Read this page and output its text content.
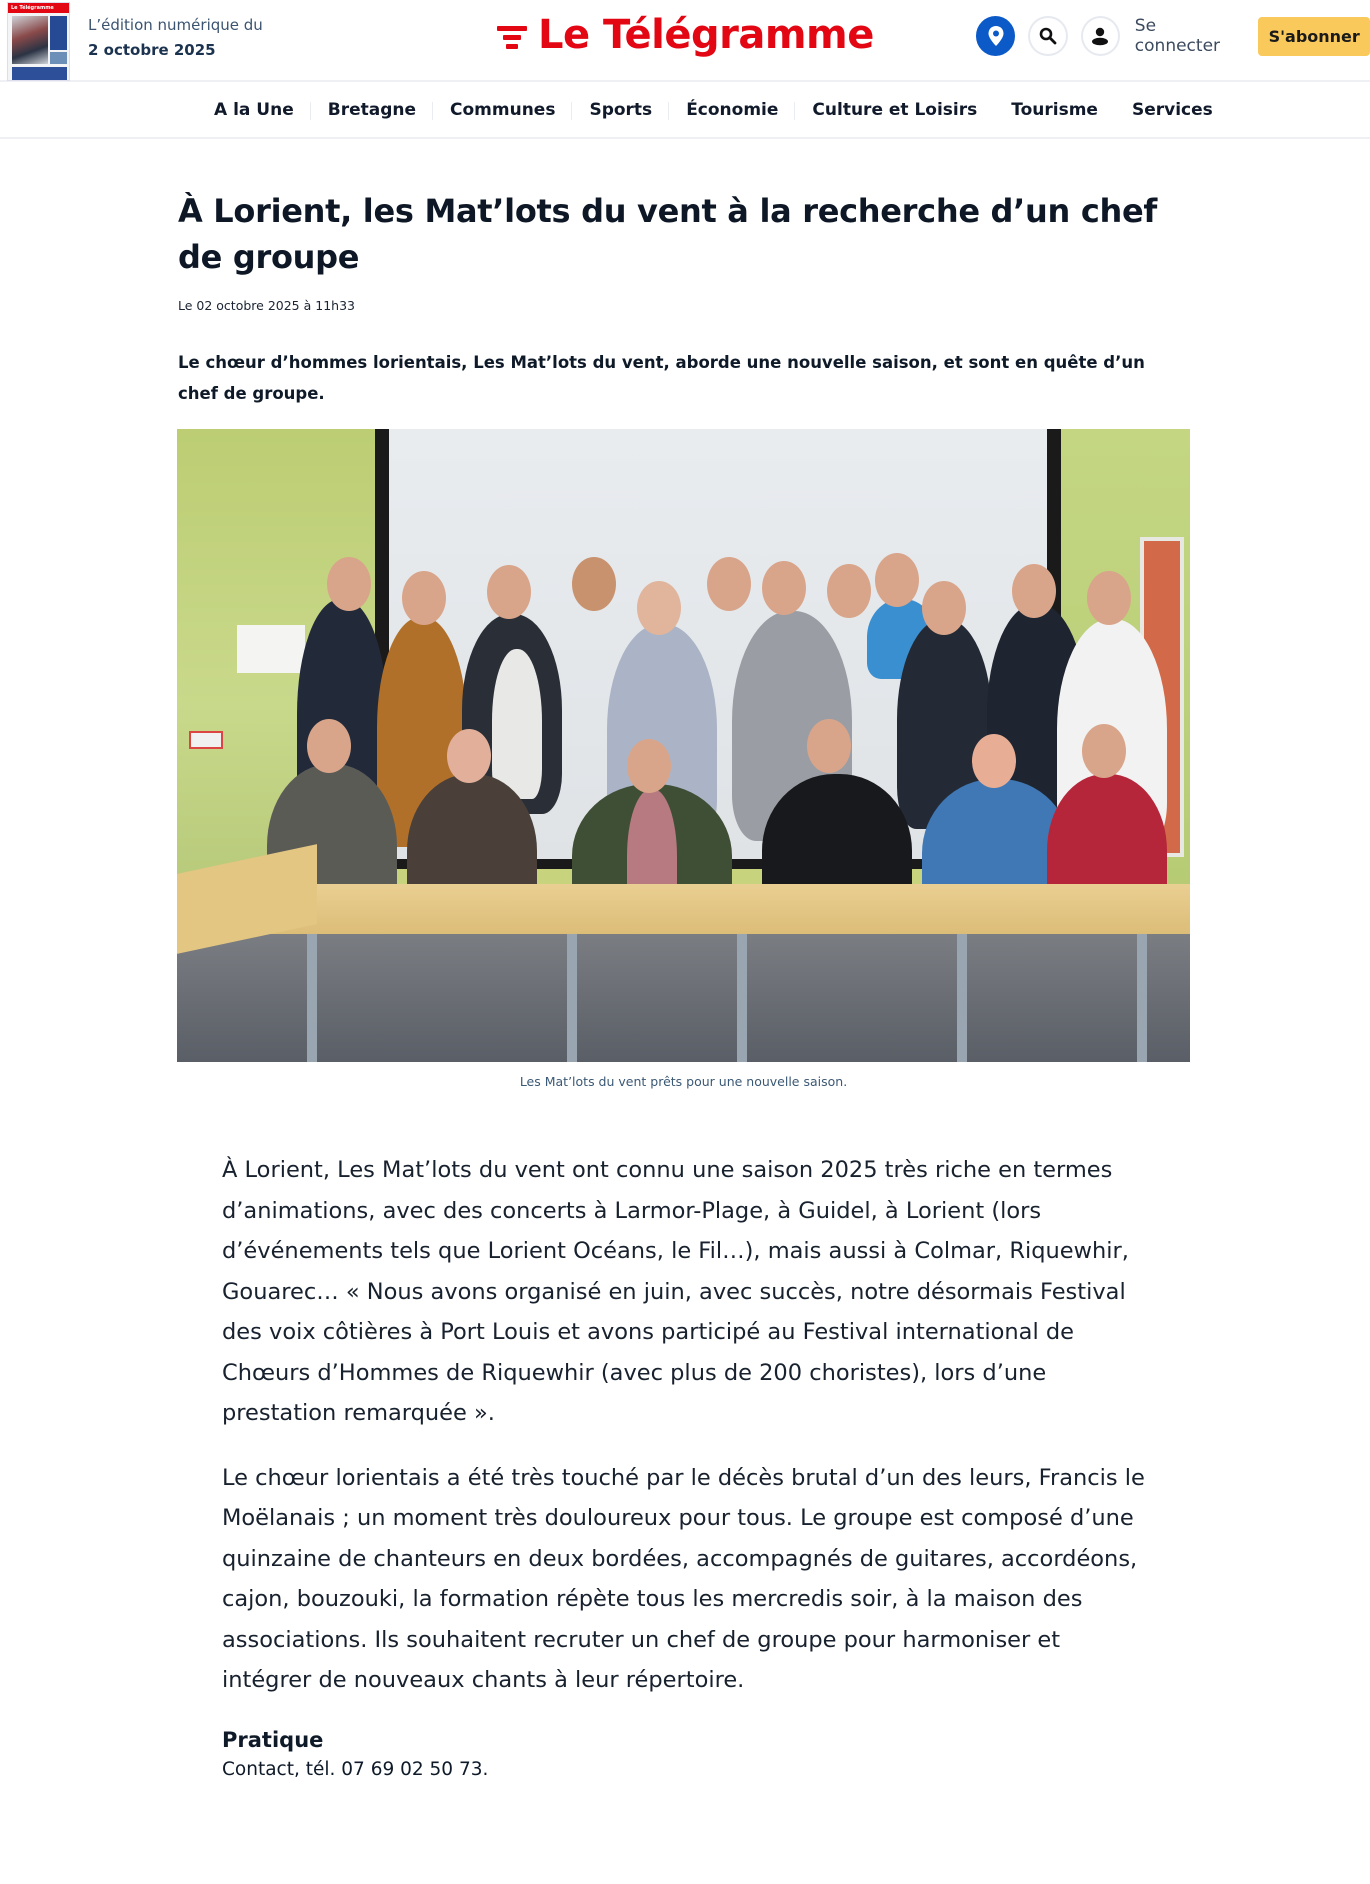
Le Télégramme
L’édition numérique du
2 octobre 2025	Le Télégramme	Se connecter	S'abonner
A la Une	Bretagne	Communes	Sports	Économie	Culture et Loisirs	Tourisme	Services
À Lorient, les Mat’lots du vent à la recherche d’un chef de groupe
Le 02 octobre 2025 à 11h33

Le chœur d’hommes lorientais, Les Mat’lots du vent, aborde une nouvelle saison, et sont en quête d’un chef de groupe.

Les Mat’lots du vent prêts pour une nouvelle saison.

À Lorient, Les Mat’lots du vent ont connu une saison 2025 très riche en termes d’animations, avec des concerts à Larmor-Plage, à Guidel, à Lorient (lors d’événements tels que Lorient Océans, le Fil…), mais aussi à Colmar, Riquewhir, Gouarec… « Nous avons organisé en juin, avec succès, notre désormais Festival des voix côtières à Port Louis et avons participé au Festival international de Chœurs d’Hommes de Riquewhir (avec plus de 200 choristes), lors d’une prestation remarquée ».

Le chœur lorientais a été très touché par le décès brutal d’un des leurs, Francis le Moëlanais ; un moment très douloureux pour tous. Le groupe est composé d’une quinzaine de chanteurs en deux bordées, accompagnés de guitares, accordéons, cajon, bouzouki, la formation répète tous les mercredis soir, à la maison des associations. Ils souhaitent recruter un chef de groupe pour harmoniser et intégrer de nouveaux chants à leur répertoire.

Pratique

Contact, tél. 07 69 02 50 73.
